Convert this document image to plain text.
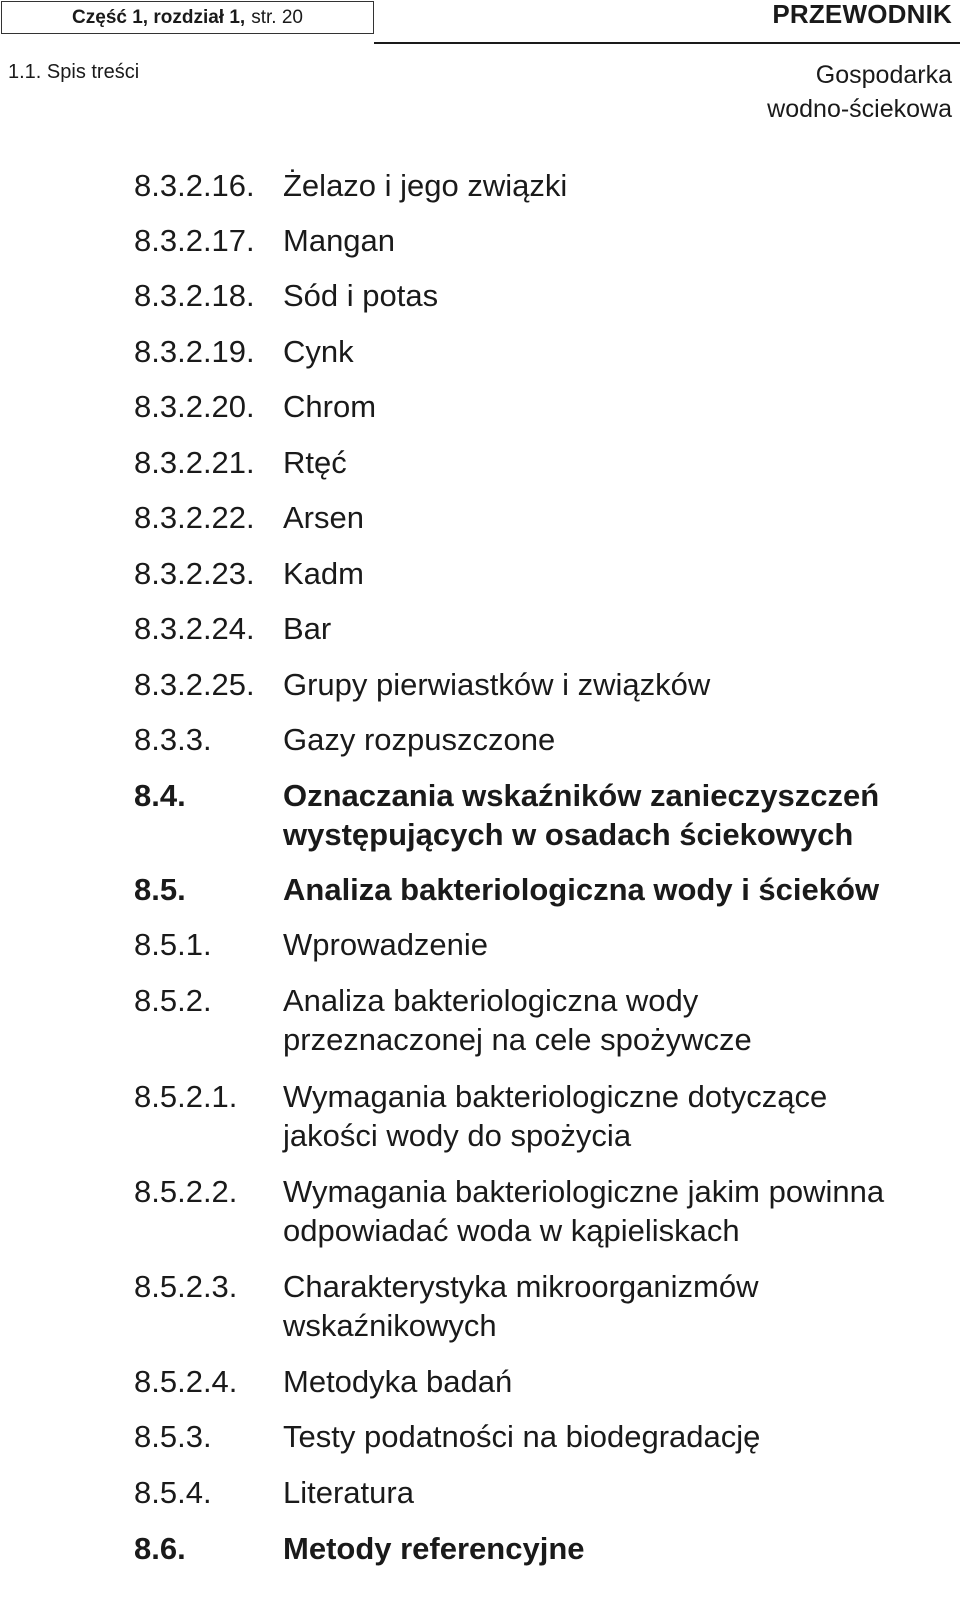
Część 1, rozdział 1, str. 20	PRZEWODNIK
1.1. Spis treści	Gospodarka
wodno-ściekowa
8.3.2.16. Żelazo i jego związki
8.3.2.17. Mangan
8.3.2.18. Sód i potas
8.3.2.19. Cynk
8.3.2.20. Chrom
8.3.2.21. Rtęć
8.3.2.22. Arsen
8.3.2.23. Kadm
8.3.2.24. Bar
8.3.2.25. Grupy pierwiastków i związków
8.3.3. Gazy rozpuszczone
8.4.	Oznaczania wskaźników zanieczyszczeń
występujących w osadach ściekowych
8.5.	Analiza bakteriologiczna wody i ścieków
8.5.1. Wprowadzenie
8.5.2. Analiza bakteriologiczna wody
przeznaczonej na cele spożywcze
8.5.2.1. Wymagania bakteriologiczne dotyczące
jakości wody do spożycia
8.5.2.2. Wymagania bakteriologiczne jakim powinna
odpowiadać woda w kąpieliskach
8.5.2.3. Charakterystyka mikroorganizmów
wskaźnikowych
8.5.2.4. Metodyka badań
8.5.3. Testy podatności na biodegradację
8.5.4. Literatura
8.6.	Metody referencyjne
